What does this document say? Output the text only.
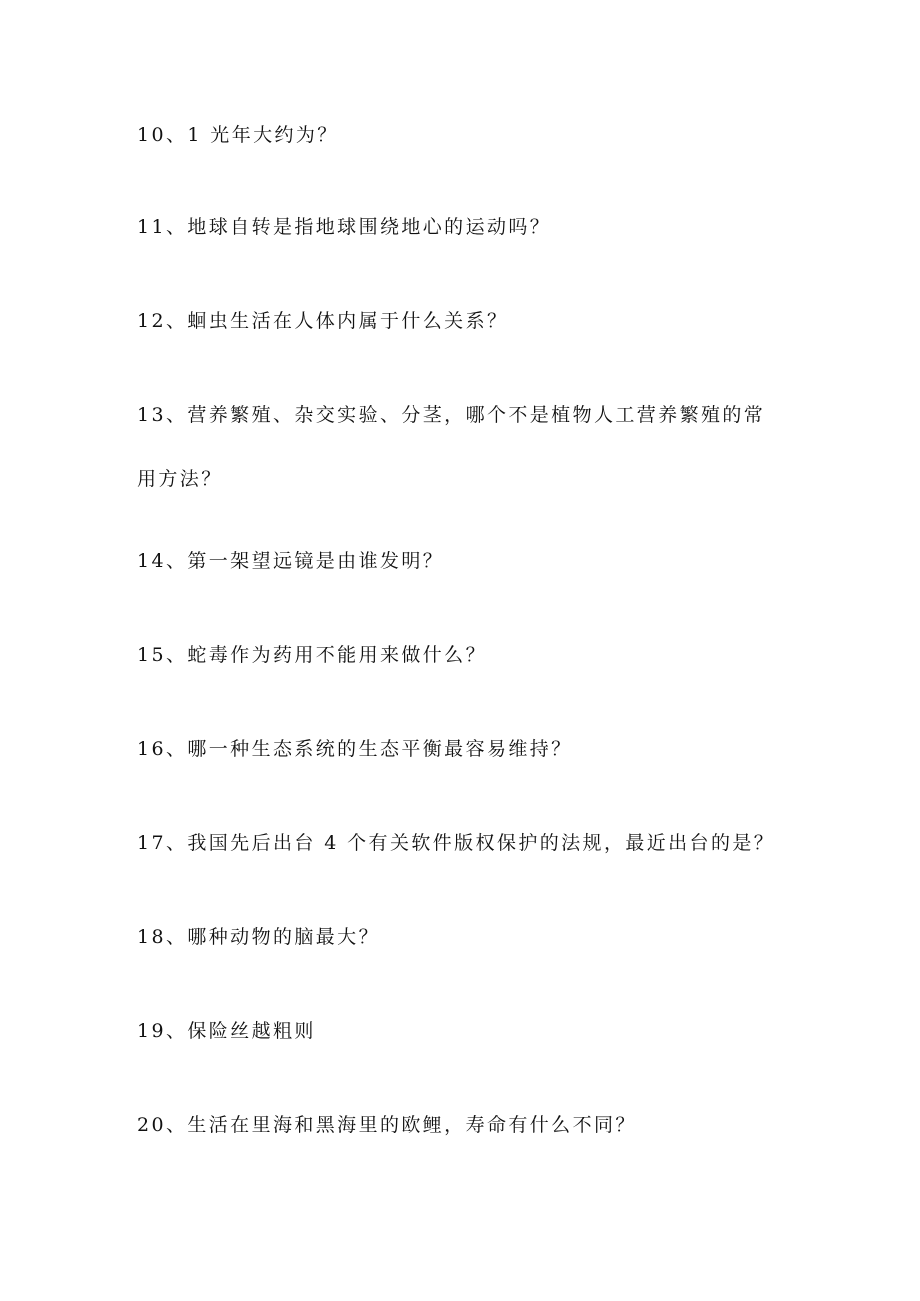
10、1 光年大约为？

11、地球自转是指地球围绕地心的运动吗？

12、蛔虫生活在人体内属于什么关系？

13、营养繁殖、杂交实验、分茎，哪个不是植物人工营养繁殖的常
用方法？

14、第一架望远镜是由谁发明？

15、蛇毒作为药用不能用来做什么？

16、哪一种生态系统的生态平衡最容易维持？

17、我国先后出台 4 个有关软件版权保护的法规，最近出台的是？

18、哪种动物的脑最大？

19、保险丝越粗则

20、生活在里海和黑海里的欧鲤，寿命有什么不同？
